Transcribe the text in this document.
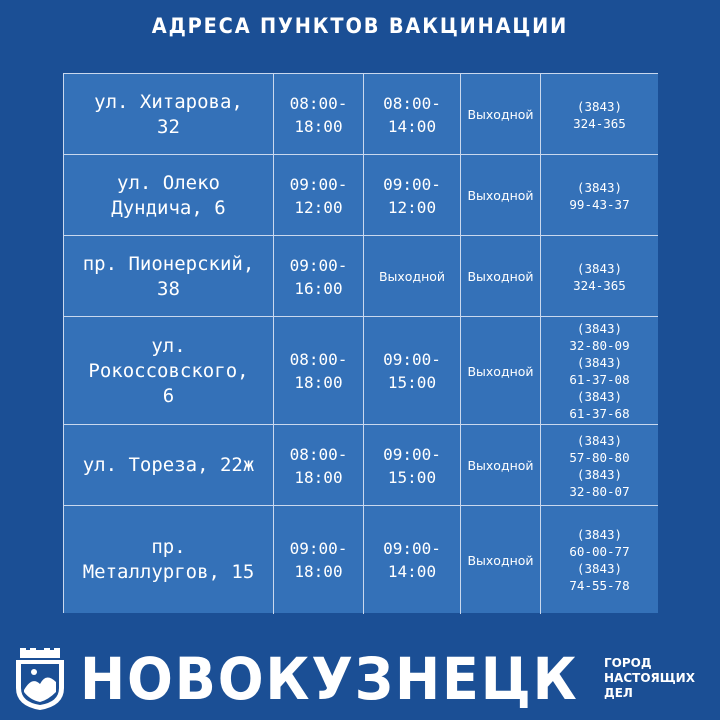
АДРЕСА ПУНКТОВ ВАКЦИНАЦИИ
ул. Хитарова,
32
08:00-
18:00
08:00-
14:00
Выходной
(3843)
324-365
ул. Олеко
Дундича, 6
09:00-
12:00
09:00-
12:00
Выходной
(3843)
99-43-37
пр. Пионерский,
38
09:00-
16:00
Выходной	Выходной
(3843)
324-365
ул.
Рокоссовского,
6
08:00-
18:00
09:00-
15:00
Выходной
(3843)
32-80-09
(3843)
61-37-08
(3843)
61-37-68
ул. Тореза, 22ж	08:00-
18:00
09:00-
15:00
Выходной
(3843)
57-80-80
(3843)
32-80-07
пр.
Металлургов, 15
09:00-
18:00
09:00-
14:00
Выходной
(3843)
60-00-77
(3843)
74-55-78
НОВОКУЗНЕЦК ГОРОД
НАСТОЯЩИХ
ДЕЛ
